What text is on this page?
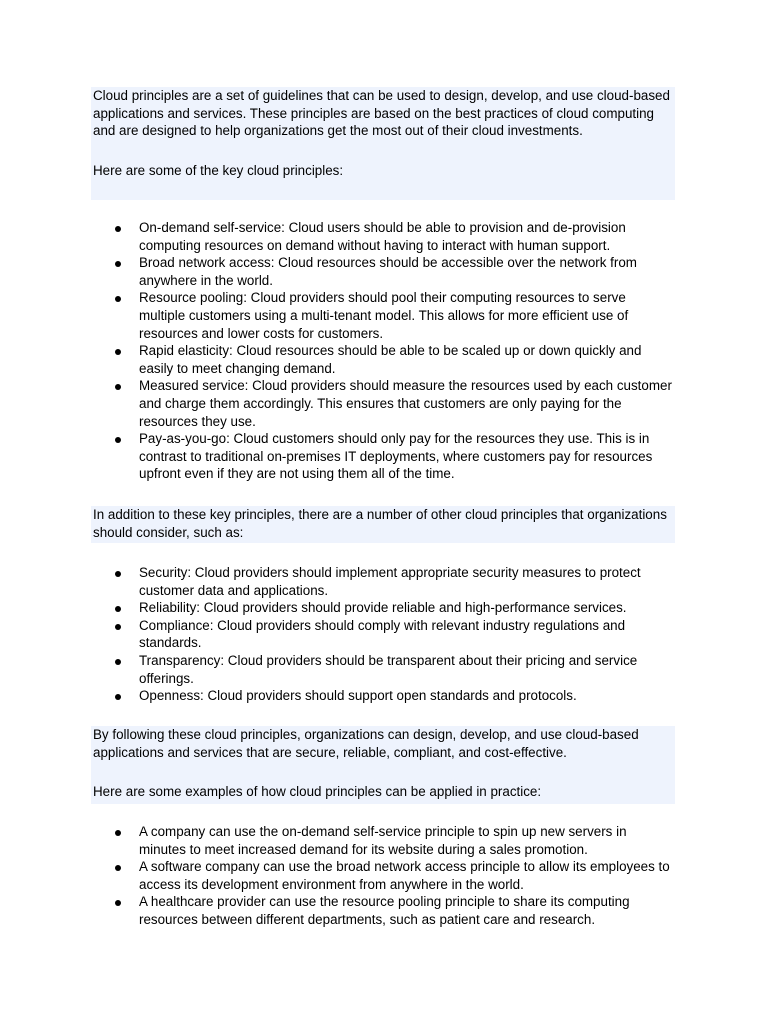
Cloud principles are a set of guidelines that can be used to design, develop, and use cloud-based applications and services. These principles are based on the best practices of cloud computing and are designed to help organizations get the most out of their cloud investments.

Here are some of the key cloud principles:

On-demand self-service: Cloud users should be able to provision and de-provision computing resources on demand without having to interact with human support.
Broad network access: Cloud resources should be accessible over the network from anywhere in the world.
Resource pooling: Cloud providers should pool their computing resources to serve multiple customers using a multi-tenant model. This allows for more efficient use of resources and lower costs for customers.
Rapid elasticity: Cloud resources should be able to be scaled up or down quickly and easily to meet changing demand.
Measured service: Cloud providers should measure the resources used by each customer and charge them accordingly. This ensures that customers are only paying for the resources they use.
Pay-as-you-go: Cloud customers should only pay for the resources they use. This is in contrast to traditional on-premises IT deployments, where customers pay for resources upfront even if they are not using them all of the time.

In addition to these key principles, there are a number of other cloud principles that organizations should consider, such as:

Security: Cloud providers should implement appropriate security measures to protect customer data and applications.
Reliability: Cloud providers should provide reliable and high-performance services.
Compliance: Cloud providers should comply with relevant industry regulations and standards.
Transparency: Cloud providers should be transparent about their pricing and service offerings.
Openness: Cloud providers should support open standards and protocols.

By following these cloud principles, organizations can design, develop, and use cloud-based applications and services that are secure, reliable, compliant, and cost-effective.

Here are some examples of how cloud principles can be applied in practice:

A company can use the on-demand self-service principle to spin up new servers in minutes to meet increased demand for its website during a sales promotion.
A software company can use the broad network access principle to allow its employees to access its development environment from anywhere in the world.
A healthcare provider can use the resource pooling principle to share its computing resources between different departments, such as patient care and research.
